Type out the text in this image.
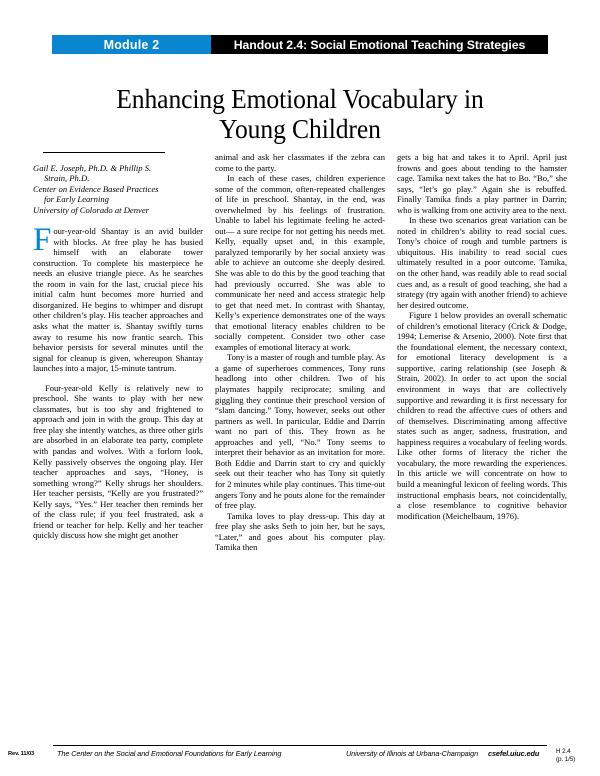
Module 2	Handout 2.4: Social Emotional Teaching Strategies
Enhancing Emotional Vocabulary in
Young Children
Gail E. Joseph, Ph.D. & Phillip S.
Strain, Ph.D.
Center on Evidence Based Practices
for Early Learning
University of Colorado at Denver

Four-year-old Shantay is an avid builder with blocks. At free play he has busied himself with an elaborate tower construction. To complete his masterpiece he needs an elusive triangle piece. As he searches the room in vain for the last, crucial piece his initial calm hunt becomes more hurried and disorganized. He begins to whimper and disrupt other children’s play. His teacher approaches and asks what the matter is. Shantay swiftly turns away to resume his now frantic search. This behavior persists for several minutes until the signal for cleanup is given, whereupon Shantay launches into a major, 15-minute tantrum.

Four-year-old Kelly is relatively new to preschool. She wants to play with her new classmates, but is too shy and frightened to approach and join in with the group. This day at free play she intently watches, as three other girls are absorbed in an elaborate tea party, complete with pandas and wolves. With a forlorn look, Kelly passively observes the ongoing play. Her teacher approaches and says, “Honey, is something wrong?” Kelly shrugs her shoulders. Her teacher persists, “Kelly are you frustrated?” Kelly says, “Yes.” Her teacher then reminds her of the class rule; if you feel frustrated, ask a friend or teacher for help. Kelly and her teacher quickly discuss how she might get another

animal and ask her classmates if the zebra can come to the party.

In each of these cases, children experience some of the common, often-repeated challenges of life in preschool. Shantay, in the end, was overwhelmed by his feelings of frustration. Unable to label his legitimate feeling he acted-out— a sure recipe for not getting his needs met. Kelly, equally upset and, in this example, paralyzed temporarily by her social anxiety was able to achieve an outcome she deeply desired. She was able to do this by the good teaching that had previously occurred. She was able to communicate her need and access strategic help to get that need met. In contrast with Shantay, Kelly’s experience demonstrates one of the ways that emotional literacy enables children to be socially competent. Consider two other case examples of emotional literacy at work.

Tony is a master of rough and tumble play. As a game of superheroes commences, Tony runs headlong into other children. Two of his playmates happily reciprocate; smiling and giggling they continue their preschool version of “slam dancing.” Tony, however, seeks out other partners as well. In particular, Eddie and Darrin want no part of this. They frown as he approaches and yell, “No.” Tony seems to interpret their behavior as an invitation for more. Both Eddie and Darrin start to cry and quickly seek out their teacher who has Tony sit quietly for 2 minutes while play continues. This time-out angers Tony and he pouts alone for the remainder of free play.

Tamika loves to play dress-up. This day at free play she asks Seth to join her, but he says, “Later,” and goes about his computer play. Tamika then

gets a big hat and takes it to April. April just frowns and goes about tending to the hamster cage. Tamika next takes the hat to Bo. “Bo,” she says, “let’s go play.” Again she is rebuffed. Finally Tamika finds a play partner in Darrin; who is walking from one activity area to the next.

In these two scenarios great variation can be noted in children’s ability to read social cues. Tony’s choice of rough and tumble partners is ubiquitous. His inability to read social cues ultimately resulted in a poor outcome. Tamika, on the other hand, was readily able to read social cues and, as a result of good teaching, she had a strategy (try again with another friend) to achieve her desired outcome.

Figure 1 below provides an overall schematic of children’s emotional literacy (Crick & Dodge, 1994; Lemerise & Arsenio, 2000). Note first that the foundational element, the necessary context, for emotional literacy development is a supportive, caring relationship (see Joseph & Strain, 2002). In order to act upon the social environment in ways that are collectively supportive and rewarding it is first necessary for children to read the affective cues of others and of themselves. Discriminating among affective states such as anger, sadness, frustration, and happiness requires a vocabulary of feeling words. Like other forms of literacy the richer the vocabulary, the more rewarding the experiences. In this article we will concentrate on how to build a meaningful lexicon of feeling words. This instructional emphasis bears, not coincidentally, a close resemblance to cognitive behavior modification (Meichelbaum, 1976).

Rev. 11/03	The Center on the Social and Emotional Foundations for Early Learning	University of Illinois at Urbana-Champaign csefel.uiuc.edu	H 2.4
(p. 1/5)
